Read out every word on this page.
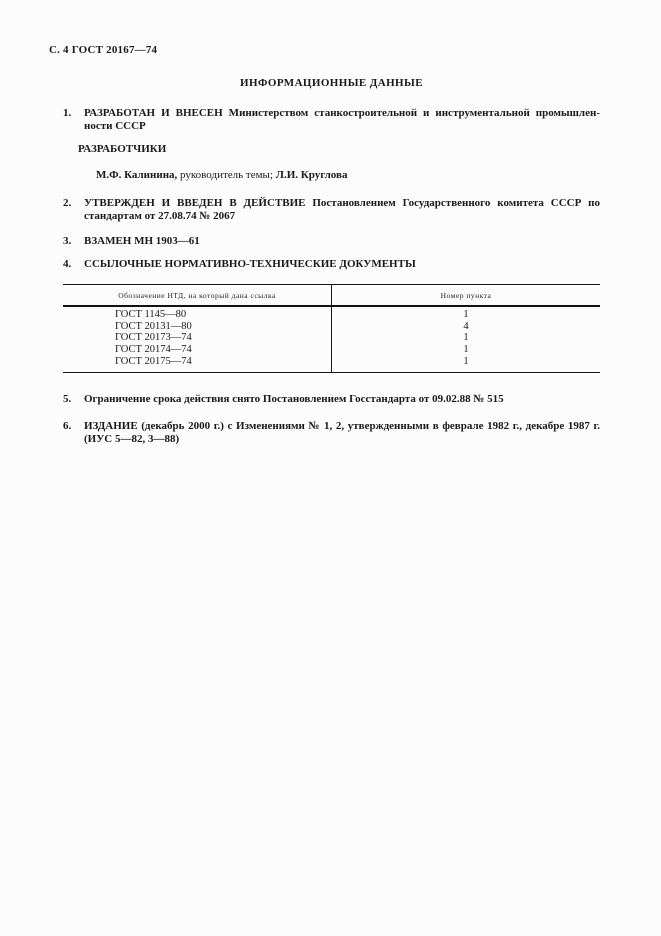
С. 4 ГОСТ 20167—74
ИНФОРМАЦИОННЫЕ ДАННЫЕ
1.	РАЗРАБОТАН И ВНЕСЕН Министерством станкостроительной и инструментальной промышленности СССР
РАЗРАБОТЧИКИ
М.Ф. Калинина, руководитель темы; Л.И. Круглова
2.	УТВЕРЖДЕН И ВВЕДЕН В ДЕЙСТВИЕ Постановлением Государственного комитета СССР по стандартам от 27.08.74 № 2067
3.	ВЗАМЕН МН 1903—61
4.	ССЫЛОЧНЫЕ НОРМАТИВНО-ТЕХНИЧЕСКИЕ ДОКУМЕНТЫ
Обозначение НТД, на который дана ссылка	Номер пункта
ГОСТ 1145—80	1
ГОСТ 20131—80	4
ГОСТ 20173—74	1
ГОСТ 20174—74	1
ГОСТ 20175—74	1
5.	Ограничение срока действия снято Постановлением Госстандарта от 09.02.88 № 515
6.	ИЗДАНИЕ (декабрь 2000 г.) с Изменениями № 1, 2, утвержденными в феврале 1982 г., декабре 1987 г. (ИУС 5—82, 3—88)
